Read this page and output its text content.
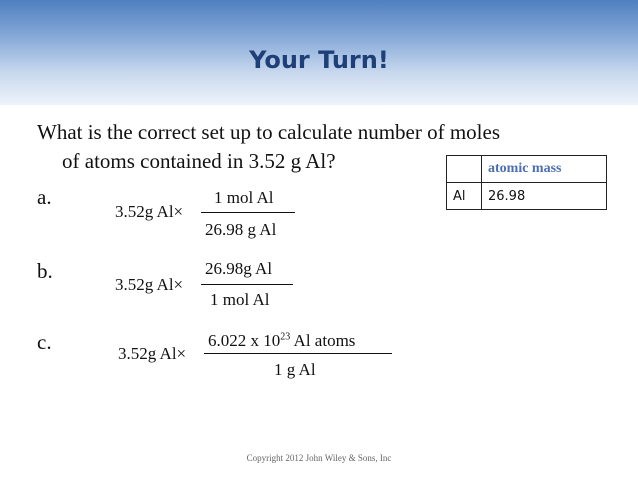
Your Turn!
What is the correct set up to calculate number of moles
of atoms contained in 3.52 g Al?
		atomic mass
Al	26.98
a.
3.52g Al×
1 mol Al
26.98 g Al
b.
3.52g Al×
26.98g Al
1 mol Al
c.	3.52g Al×
6.022 x $10^{23}$ Al atoms
1 g Al
Copyright 2012 John Wiley & Sons, Inc
